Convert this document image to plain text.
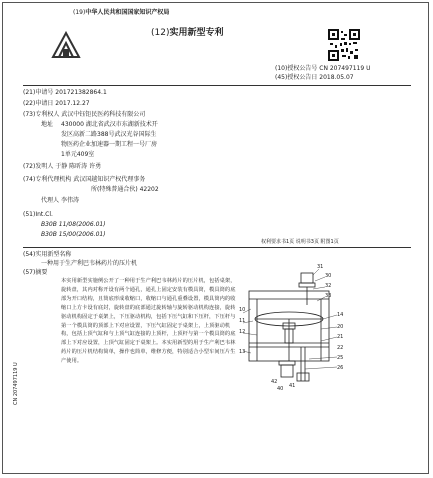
(19)中华人民共和国国家知识产权局
(12)实用新型专利
(10)授权公告号 CN 207497119 U
(45)授权公告日 2018.05.07
(21)申请号 201721382864.1
(22)申请日 2017.12.27
(73)专利权人 武汉中钰钜民医药科技有限公司
地址 430000 湖北省武汉市东湖新技术开
发区高新二路388号武汉光谷国际生
物医药企业加速器一期工程一号厂房
1单元409室
(72)发明人 于静 陈昕涛 许勇
(74)专利代理机构 武汉国越知识产权代理事务
所(特殊普通合伙) 42202
代理人 李伟涛
(51)Int.Cl.
B30B 11/08(2006.01)
B30B 15/00(2006.01)
权利要求书1页 说明书3页 附图1页
(54)实用新型名称
一种用于生产利巴韦林药片的压片机
(57)摘要
本实用新型实施例公开了一种用于生产利巴韦林药片的压片机，包括桌架，旋转盘，其内对称开设有两个通孔，通孔上固定安装有模具筒，模具筒的底部为开口结构，且筒底形成收缩口，收缩口与通孔重叠设置，模具筒内的收缩口上方卡设有底封，旋转盘的底部通过旋转轴与旋转驱动机构连接，旋转驱动机构固定于桌架上，下压驱动机构，包括下压气缸和下压杆，下压杆与第一个模具筒的顶部上下对应设置，下压气缸固定于桌架上，上顶驱动机构，包括上顶气缸和与上顶气缸连接的上顶杆，上顶杆与第一个模具筒的底部上下对应设置，上顶气缸固定于桌架上。本实用新型的用于生产利巴韦林药片的压片机结构简单，操作也简单，维修方便，特别适合小型车间压片生产使用。
31
30
32
33
10
11
12
14
20
21
22
13
25
26
42
40 41
CN 207497119 U
